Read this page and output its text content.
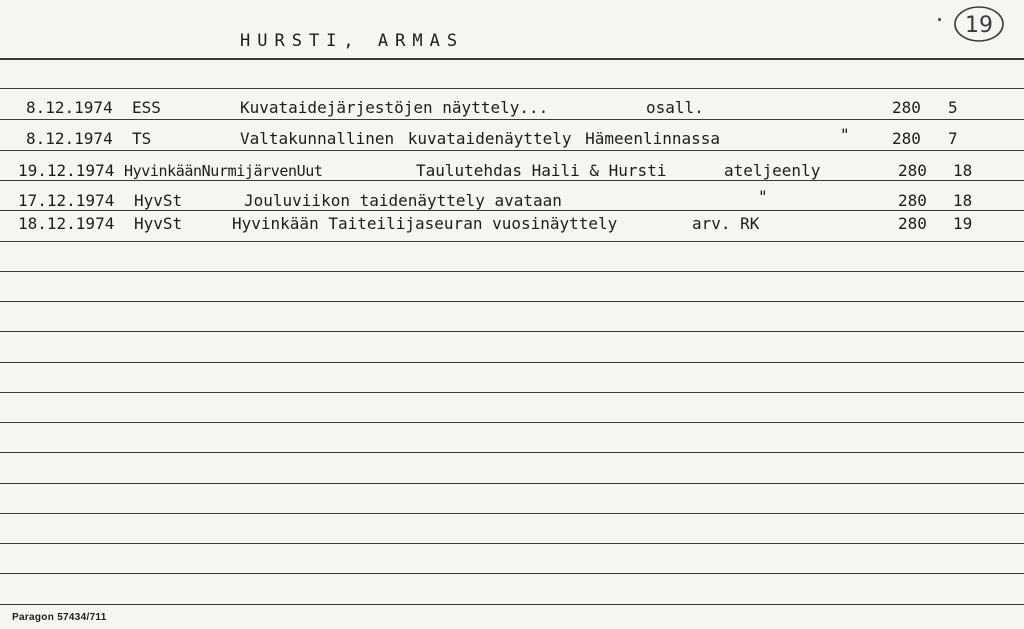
HURSTI, ARMAS
19
8.12.1974 ESS	Kuvataidejärjestöjen näyttely...	osall.	280 5
8.12.1974 TS	Valtakunnallinen kuvataidenäyttely Hämeenlinnassa	"	280 7
19.12.1974 HyvinkäänNurmijärvenUut	Taulutehdas Haili & Hursti	ateljeenly	280 18
17.12.1974 HyvSt	Jouluviikon taidenäyttely avataan	"	280 18
18.12.1974 HyvSt	Hyvinkään Taiteilijaseuran vuosinäyttely	arv. RK	280 19
Paragon 57434/711
